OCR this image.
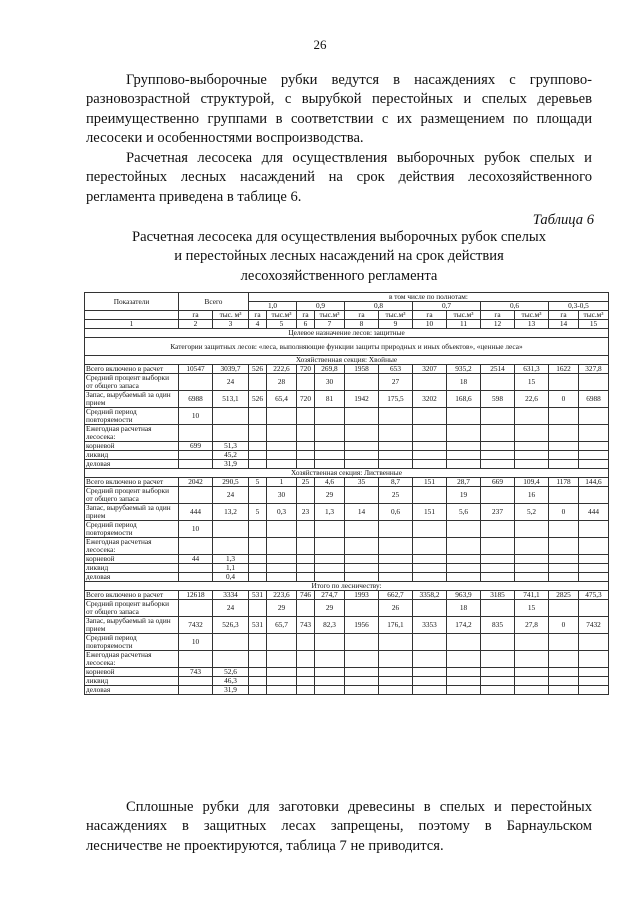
26

Группово-выборочные рубки ведутся в насаждениях с группово-разновозрастной структурой, с вырубкой перестойных и спелых деревьев преимущественно группами в соответствии с их размещением по площади лесосеки и особенностями воспроизводства.

Расчетная лесосека для осуществления выборочных рубок спелых и перестойных лесных насаждений на срок действия лесохозяйственного регламента приведена в таблице 6.

Таблица 6
Расчетная лесосека для осуществления выборочных рубок спелых
и перестойных лесных насаждений на срок действия
лесохозяйственного регламента
Показатели	Всего		в том числе по полнотам:											
			1,0		0,9		0,8		0,7		0,6		0,3-0,5	
	га	тыс. м³	га	тыс.м³	га	тыс.м³	га	тыс.м³	га	тыс.м³	га	тыс.м³	га	тыс.м³
1	2	3	4	5	6	7	8	9	10	11	12	13	14	15
Целевое назначение лесов: защитные														
Категории защитных лесов: «леса, выполняющие функции защиты природных и иных объектов», «ценные леса»														
Хозяйственная секция: Хвойные														
Всего включено в расчет	10547	3039,7	526	222,6	720	269,8	1958	653	3207	935,2	2514	631,3	1622	327,8
Средний процент выборки от общего запаса		24		28		30		27		18		15		
Запас, вырубаемый за один прием	6988	513,1	526	65,4	720	81	1942	175,5	3202	168,6	598	22,6	0	6988
Средний период повторяемости	10													
Ежегодная расчетная лесосека:														
корневой	699	51,3												
ликвид		45,2												
деловая		31,9												
Хозяйственная секция: Лиственные														
Всего включено в расчет	2042	290,5	5	1	25	4,6	35	8,7	151	28,7	669	109,4	1178	144,6
Средний процент выборки от общего запаса		24		30		29		25		19		16		
Запас, вырубаемый за один прием	444	13,2	5	0,3	23	1,3	14	0,6	151	5,6	237	5,2	0	444
Средний период повторяемости	10													
Ежегодная расчетная лесосека:														
корневой	44	1,3												
ликвид		1,1												
деловая		0,4												
Итого по лесничеству:														
Всего включено в расчет	12618	3334	531	223,6	746	274,7	1993	662,7	3358,2	963,9	3185	741,1	2825	475,3
Средний процент выборки от общего запаса		24		29		29		26		18		15		
Запас, вырубаемый за один прием	7432	526,3	531	65,7	743	82,3	1956	176,1	3353	174,2	835	27,8	0	7432
Средний период повторяемости	10													
Ежегодная расчетная лесосека:														
корневой	743	52,6												
ликвид		46,3												
деловая		31,9												

Сплошные рубки для заготовки древесины в спелых и перестойных насаждениях в защитных лесах запрещены, поэтому в Барнаульском лесничестве не проектируются, таблица 7 не приводится.
